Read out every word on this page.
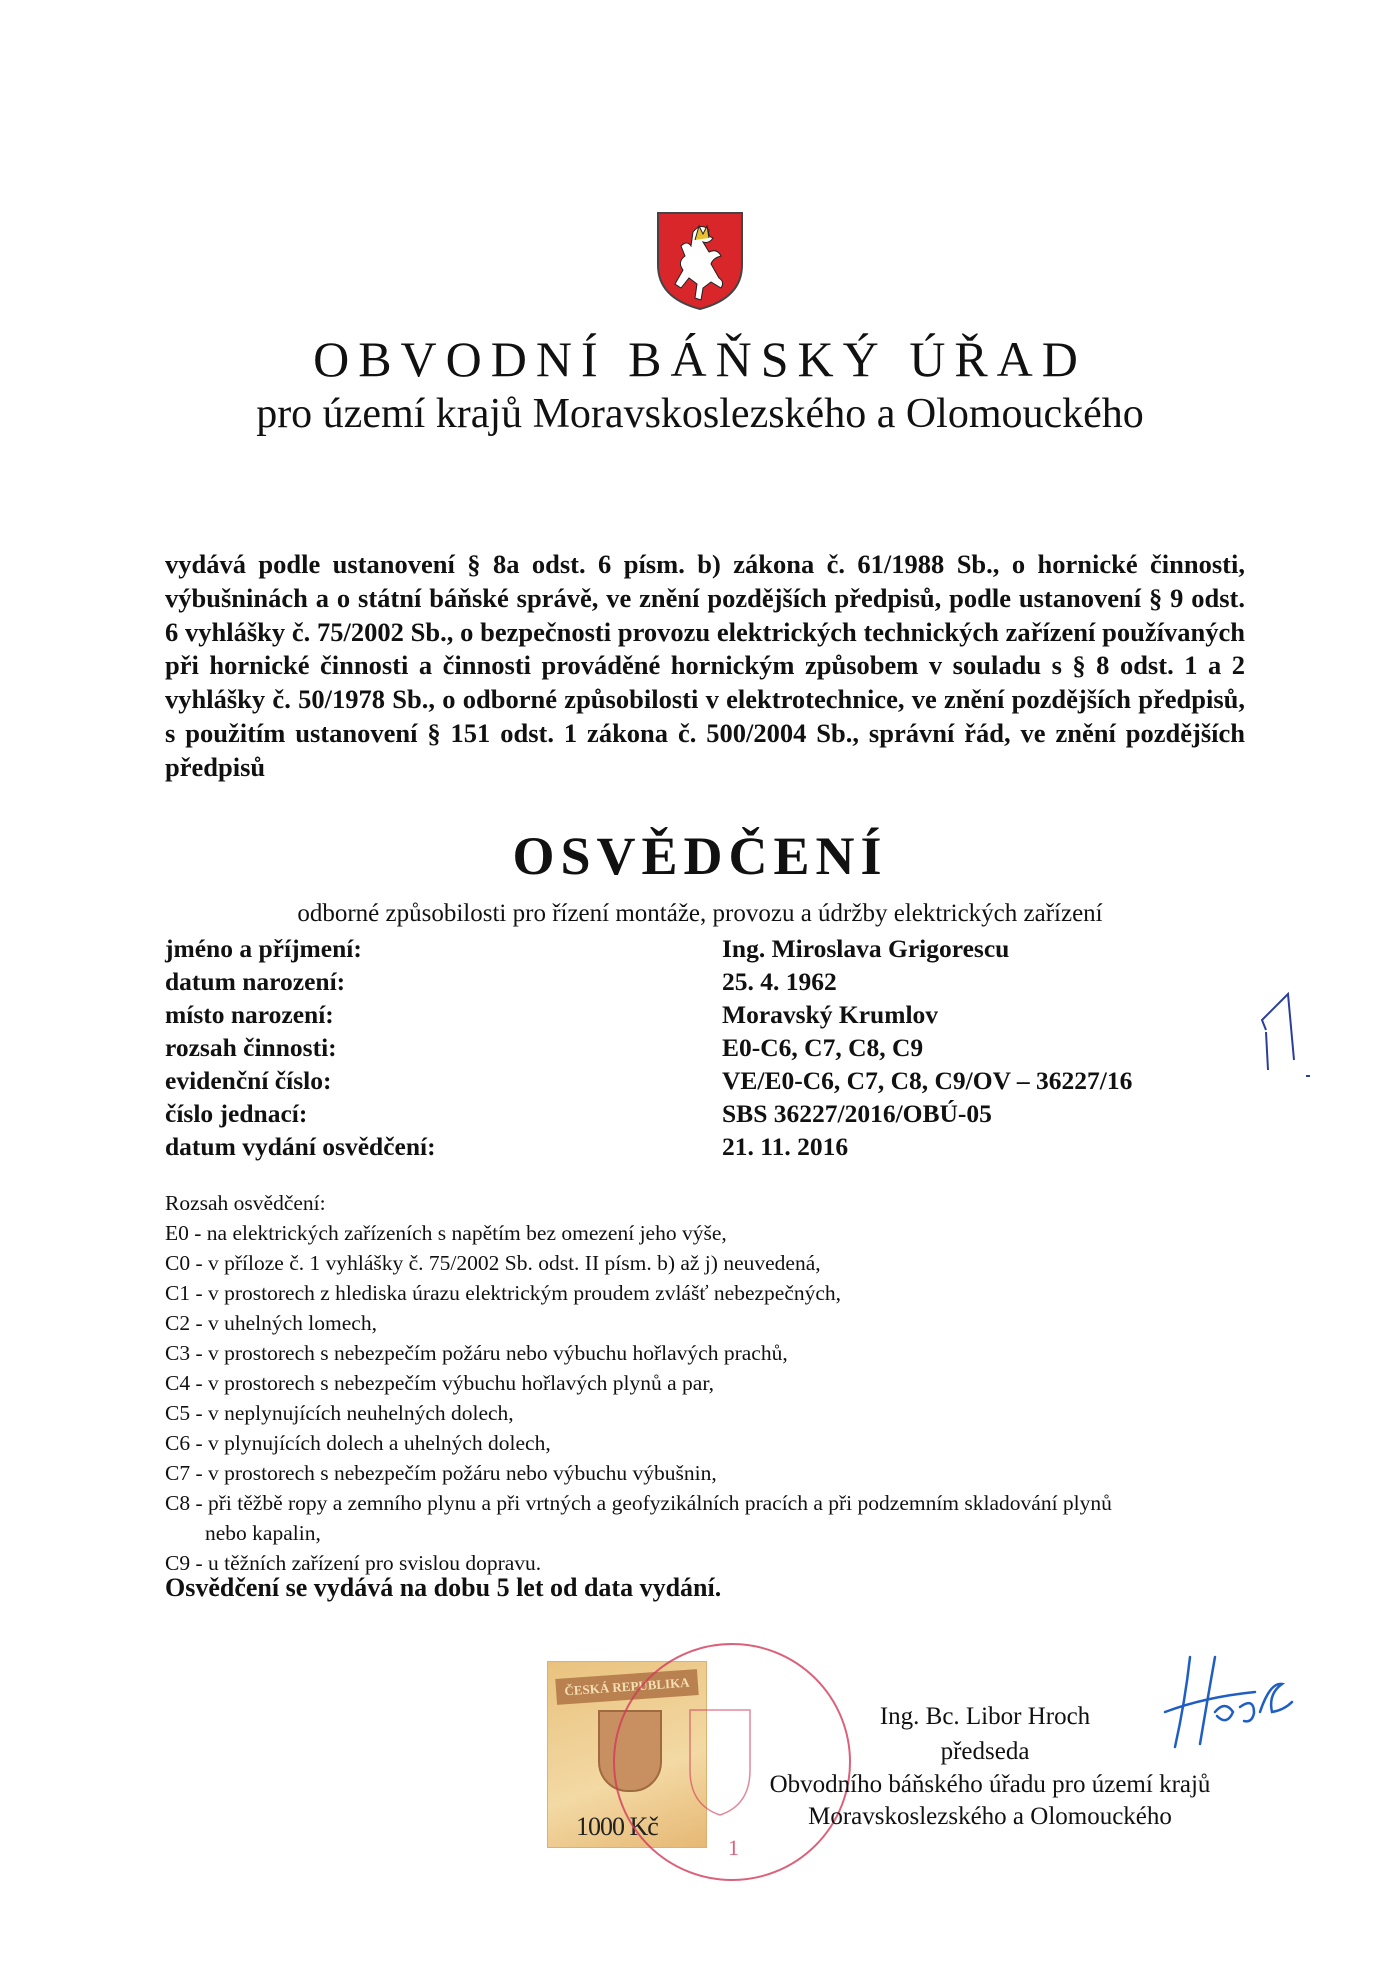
OBVODNÍ BÁŇSKÝ ÚŘAD
pro území krajů Moravskoslezského a Olomouckého
vydává podle ustanovení § 8a odst. 6 písm. b) zákona č. 61/1988 Sb., o hornické činnosti, výbušninách a o státní báňské správě, ve znění pozdějších předpisů, podle ustanovení § 9 odst. 6 vyhlášky č. 75/2002 Sb., o bezpečnosti provozu elektrických technických zařízení používaných při hornické činnosti a činnosti prováděné hornickým způsobem v souladu s § 8 odst. 1 a 2 vyhlášky č. 50/1978 Sb., o odborné způsobilosti v elektrotechnice, ve znění pozdějších předpisů, s použitím ustanovení § 151 odst. 1 zákona č. 500/2004 Sb., správní řád, ve znění pozdějších předpisů
OSVĚDČENÍ
odborné způsobilosti pro řízení montáže, provozu a údržby elektrických zařízení
jméno a příjmení:	Ing. Miroslava Grigorescu
datum narození:	25. 4. 1962
místo narození:	Moravský Krumlov
rozsah činnosti:	E0-C6, C7, C8, C9
evidenční číslo:	VE/E0-C6, C7, C8, C9/OV – 36227/16
číslo jednací:	SBS 36227/2016/OBÚ-05
datum vydání osvědčení:	21. 11. 2016
Rozsah osvědčení:
E0 - na elektrických zařízeních s napětím bez omezení jeho výše,
C0 - v příloze č. 1 vyhlášky č. 75/2002 Sb. odst. II písm. b) až j) neuvedená,
C1 - v prostorech z hlediska úrazu elektrickým proudem zvlášť nebezpečných,
C2 - v uhelných lomech,
C3 - v prostorech s nebezpečím požáru nebo výbuchu hořlavých prachů,
C4 - v prostorech s nebezpečím výbuchu hořlavých plynů a par,
C5 - v neplynujících neuhelných dolech,
C6 - v plynujících dolech a uhelných dolech,
C7 - v prostorech s nebezpečím požáru nebo výbuchu výbušnin,
C8 - při těžbě ropy a zemního plynu a při vrtných a geofyzikálních pracích a při podzemním skladování plynů
nebo kapalin,
C9 - u těžních zařízení pro svislou dopravu.
Osvědčení se vydává na dobu 5 let od data vydání.
ČESKÁ REPUBLIKA
1000 Kč
1
Ing. Bc. Libor Hroch
předseda
Obvodního báňského úřadu pro území krajů
Moravskoslezského a Olomouckého
